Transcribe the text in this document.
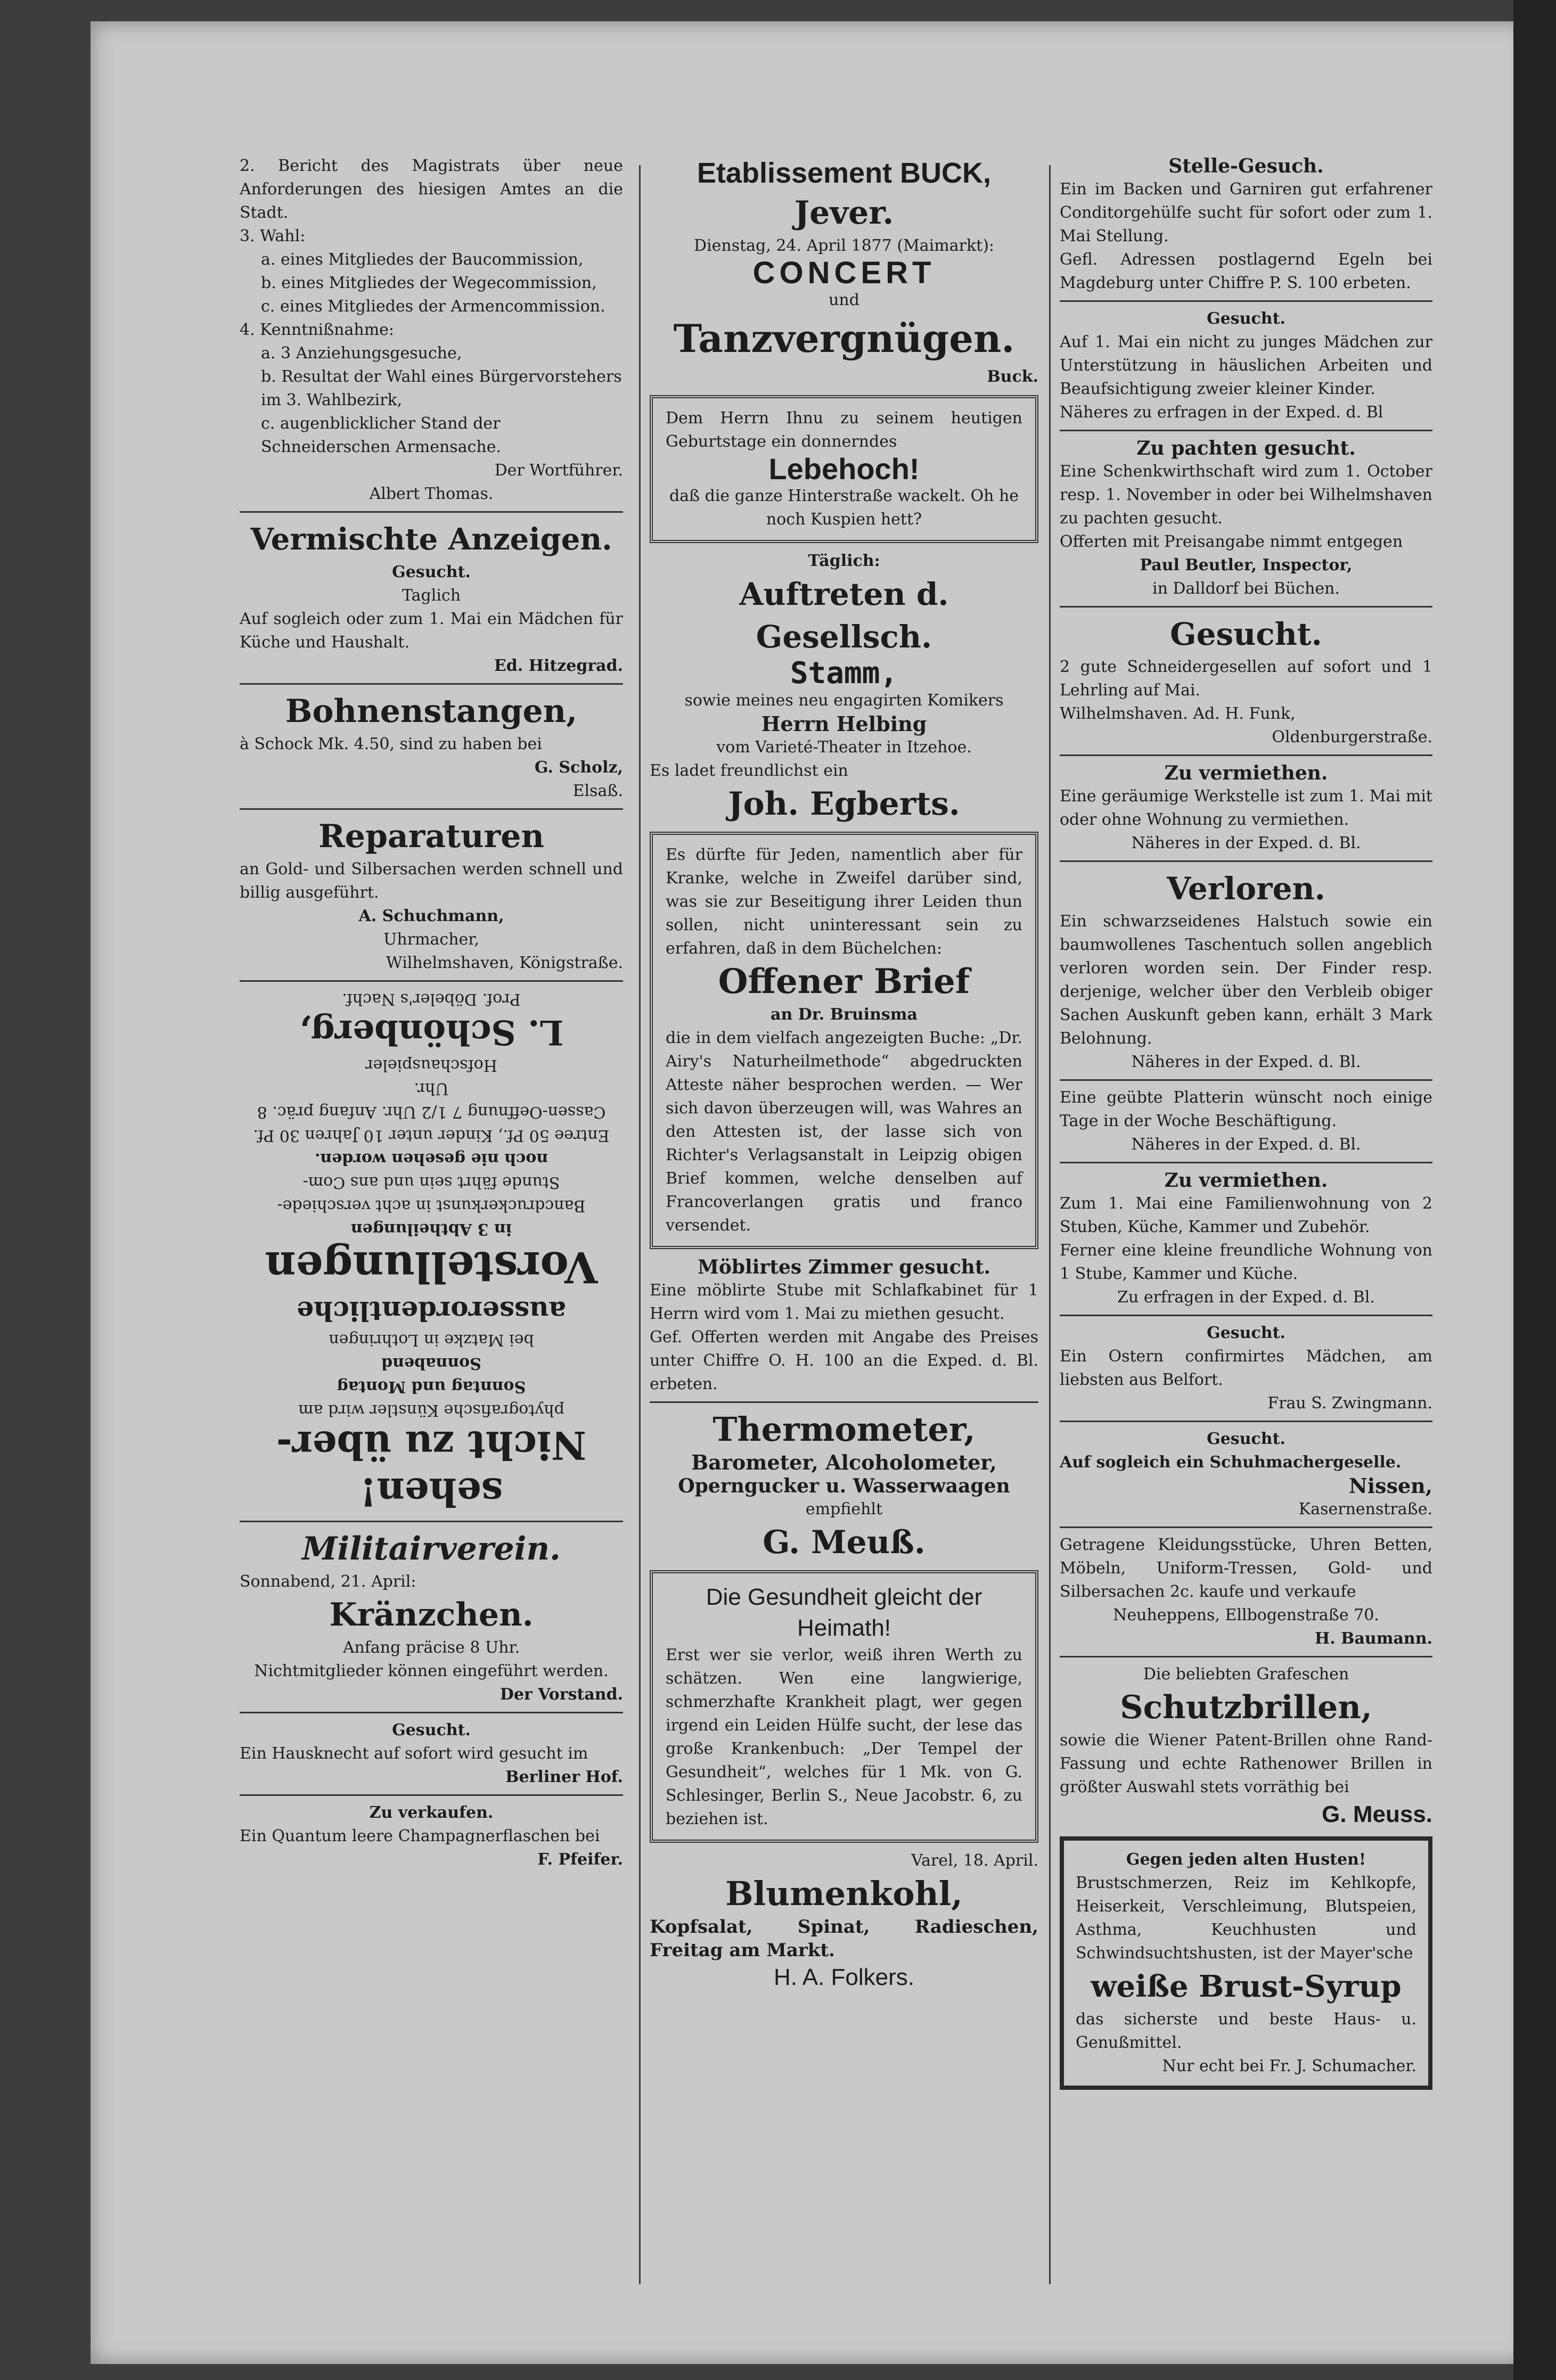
2. Bericht des Magistrats über neue Anforderungen des hiesigen Amtes an die Stadt.

3. Wahl:

a. eines Mitgliedes der Baucommission,

b. eines Mitgliedes der Wegecommission,

c. eines Mitgliedes der Armencommission.

4. Kenntnißnahme:

a. 3 Anziehungsgesuche,

b. Resultat der Wahl eines Bürgervorstehers im 3. Wahlbezirk,

c. augenblicklicher Stand der Schneiderschen Armensache.

Der Wortführer.

Albert Thomas.

Vermischte Anzeigen.

Gesucht.

Taglich

Auf sogleich oder zum 1. Mai ein Mädchen für Küche und Haushalt.

Ed. Hitzegrad.

Bohnenstangen,

à Schock Mk. 4.50, sind zu haben bei

G. Scholz,

Elsaß.

Reparaturen

an Gold- und Silbersachen werden schnell und billig ausgeführt.

A. Schuchmann,

Uhrmacher,

Wilhelmshaven, Königstraße.

sehen!

Nicht zu über-

phytografische Künstler wird am

Sonntag und Montag

Sonnabend

bei Matzke in Lothringen

ausserordentliche

Vorstellungen

in 3 Abtheilungen

Bancdruckerkunst in acht verschiede-

Stunde fährt sein und ans Com-

noch nie gesehen worden.

Entree 50 Pf., Kinder unter 10 Jahren 30 Pf.

Cassen-Oeffnung 7 1/2 Uhr. Anfang präc. 8 Uhr.

Hofschauspieler

L. Schönberg,

Prof. Döbeler's Nachf.

Militairverein.

Sonnabend, 21. April:

Kränzchen.

Anfang präcise 8 Uhr.

Nichtmitglieder können eingeführt werden.

Der Vorstand.

Gesucht.

Ein Hausknecht auf sofort wird gesucht im

Berliner Hof.

Zu verkaufen.

Ein Quantum leere Champagnerflaschen bei

F. Pfeifer.

Etablissement BUCK,

Jever.

Dienstag, 24. April 1877 (Maimarkt):

CONCERT

und

Tanzvergnügen.

Buck.

Dem Herrn Ihnu zu seinem heutigen Geburtstage ein donnerndes

Lebehoch!

daß die ganze Hinterstraße wackelt. Oh he noch Kuspien hett?

Täglich:

Auftreten d. Gesellsch.

Stamm,

sowie meines neu engagirten Komikers

Herrn Helbing

vom Varieté-Theater in Itzehoe.

Es ladet freundlichst ein

Joh. Egberts.

Es dürfte für Jeden, namentlich aber für Kranke, welche in Zweifel darüber sind, was sie zur Beseitigung ihrer Leiden thun sollen, nicht uninteressant sein zu erfahren, daß in dem Büchelchen:

Offener Brief

an Dr. Bruinsma

die in dem vielfach angezeigten Buche: „Dr. Airy's Naturheilmethode“ abgedruckten Atteste näher besprochen werden. — Wer sich davon überzeugen will, was Wahres an den Attesten ist, der lasse sich von Richter's Verlagsanstalt in Leipzig obigen Brief kommen, welche denselben auf Francoverlangen gratis und franco versendet.

Möblirtes Zimmer gesucht.

Eine möblirte Stube mit Schlafkabinet für 1 Herrn wird vom 1. Mai zu miethen gesucht.

Gef. Offerten werden mit Angabe des Preises unter Chiffre O. H. 100 an die Exped. d. Bl. erbeten.

Thermometer,

Barometer, Alcoholometer,

Operngucker u. Wasserwaagen

empfiehlt

G. Meuß.

Die Gesundheit gleicht der Heimath!

Erst wer sie verlor, weiß ihren Werth zu schätzen. Wen eine langwierige, schmerzhafte Krankheit plagt, wer gegen irgend ein Leiden Hülfe sucht, der lese das große Krankenbuch: „Der Tempel der Gesundheit“, welches für 1 Mk. von G. Schlesinger, Berlin S., Neue Jacobstr. 6, zu beziehen ist.

Varel, 18. April.

Blumenkohl,

Kopfsalat, Spinat, Radieschen, Freitag am Markt.

H. A. Folkers.

Stelle-Gesuch.

Ein im Backen und Garniren gut erfahrener Conditorgehülfe sucht für sofort oder zum 1. Mai Stellung.

Gefl. Adressen postlagernd Egeln bei Magdeburg unter Chiffre P. S. 100 erbeten.

Gesucht.

Auf 1. Mai ein nicht zu junges Mädchen zur Unterstützung in häuslichen Arbeiten und Beaufsichtigung zweier kleiner Kinder.

Näheres zu erfragen in der Exped. d. Bl

Zu pachten gesucht.

Eine Schenkwirthschaft wird zum 1. October resp. 1. November in oder bei Wilhelmshaven zu pachten gesucht.

Offerten mit Preisangabe nimmt entgegen

Paul Beutler, Inspector,

in Dalldorf bei Büchen.

Gesucht.

2 gute Schneidergesellen auf sofort und 1 Lehrling auf Mai.

Wilhelmshaven. Ad. H. Funk,

Oldenburgerstraße.

Zu vermiethen.

Eine geräumige Werkstelle ist zum 1. Mai mit oder ohne Wohnung zu vermiethen.

Näheres in der Exped. d. Bl.

Verloren.

Ein schwarzseidenes Halstuch sowie ein baumwollenes Taschentuch sollen angeblich verloren worden sein. Der Finder resp. derjenige, welcher über den Verbleib obiger Sachen Auskunft geben kann, erhält 3 Mark Belohnung.

Näheres in der Exped. d. Bl.

Eine geübte Platterin wünscht noch einige Tage in der Woche Beschäftigung.

Näheres in der Exped. d. Bl.

Zu vermiethen.

Zum 1. Mai eine Familienwohnung von 2 Stuben, Küche, Kammer und Zubehör.

Ferner eine kleine freundliche Wohnung von 1 Stube, Kammer und Küche.

Zu erfragen in der Exped. d. Bl.

Gesucht.

Ein Ostern confirmirtes Mädchen, am liebsten aus Belfort.

Frau S. Zwingmann.

Gesucht.

Auf sogleich ein Schuhmachergeselle.

Nissen,

Kasernenstraße.

Getragene Kleidungsstücke, Uhren Betten, Möbeln, Uniform-Tressen, Gold- und Silbersachen 2c. kaufe und verkaufe

Neuheppens, Ellbogenstraße 70.

H. Baumann.

Die beliebten Grafeschen

Schutzbrillen,

sowie die Wiener Patent-Brillen ohne Rand-Fassung und echte Rathenower Brillen in größter Auswahl stets vorräthig bei

G. Meuss.

Gegen jeden alten Husten!

Brustschmerzen, Reiz im Kehlkopfe, Heiserkeit, Verschleimung, Blutspeien, Asthma, Keuchhusten und Schwindsuchtshusten, ist der Mayer'sche

weiße Brust-Syrup

das sicherste und beste Haus- u. Genußmittel.

Nur echt bei Fr. J. Schumacher.
